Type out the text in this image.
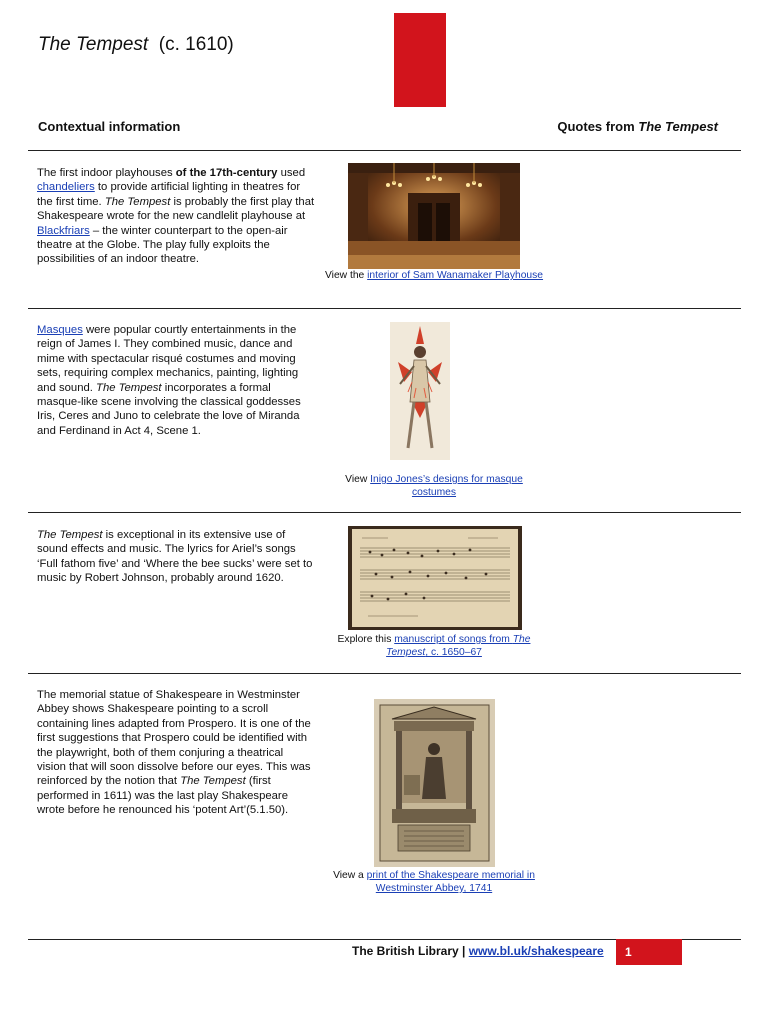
The Tempest (c. 1610)
Contextual information	Quotes from The Tempest
The first indoor playhouses of the 17th-century used chandeliers to provide artificial lighting in theatres for the first time. The Tempest is probably the first play that Shakespeare wrote for the new candlelit playhouse at Blackfriars – the winter counterpart to the open-air theatre at the Globe. The play fully exploits the possibilities of an indoor theatre.
View the interior of Sam Wanamaker Playhouse
Masques were popular courtly entertainments in the reign of James I. They combined music, dance and mime with spectacular risqué costumes and moving sets, requiring complex mechanics, painting, lighting and sound. The Tempest incorporates a formal masque-like scene involving the classical goddesses Iris, Ceres and Juno to celebrate the love of Miranda and Ferdinand in Act 4, Scene 1.
View Inigo Jones’s designs for masque costumes
The Tempest is exceptional in its extensive use of sound effects and music. The lyrics for Ariel’s songs ‘Full fathom five’ and ‘Where the bee sucks’ were set to music by Robert Johnson, probably around 1620.
Explore this manuscript of songs from The Tempest, c. 1650–67
The memorial statue of Shakespeare in Westminster Abbey shows Shakespeare pointing to a scroll containing lines adapted from Prospero. It is one of the first suggestions that Prospero could be identified with the playwright, both of them conjuring a theatrical vision that will soon dissolve before our eyes. This was reinforced by the notion that The Tempest (first performed in 1611) was the last play Shakespeare wrote before he renounced his ‘potent Art’(5.1.50).
View a print of the Shakespeare memorial in Westminster Abbey, 1741
The British Library | www.bl.uk/shakespeare	1
